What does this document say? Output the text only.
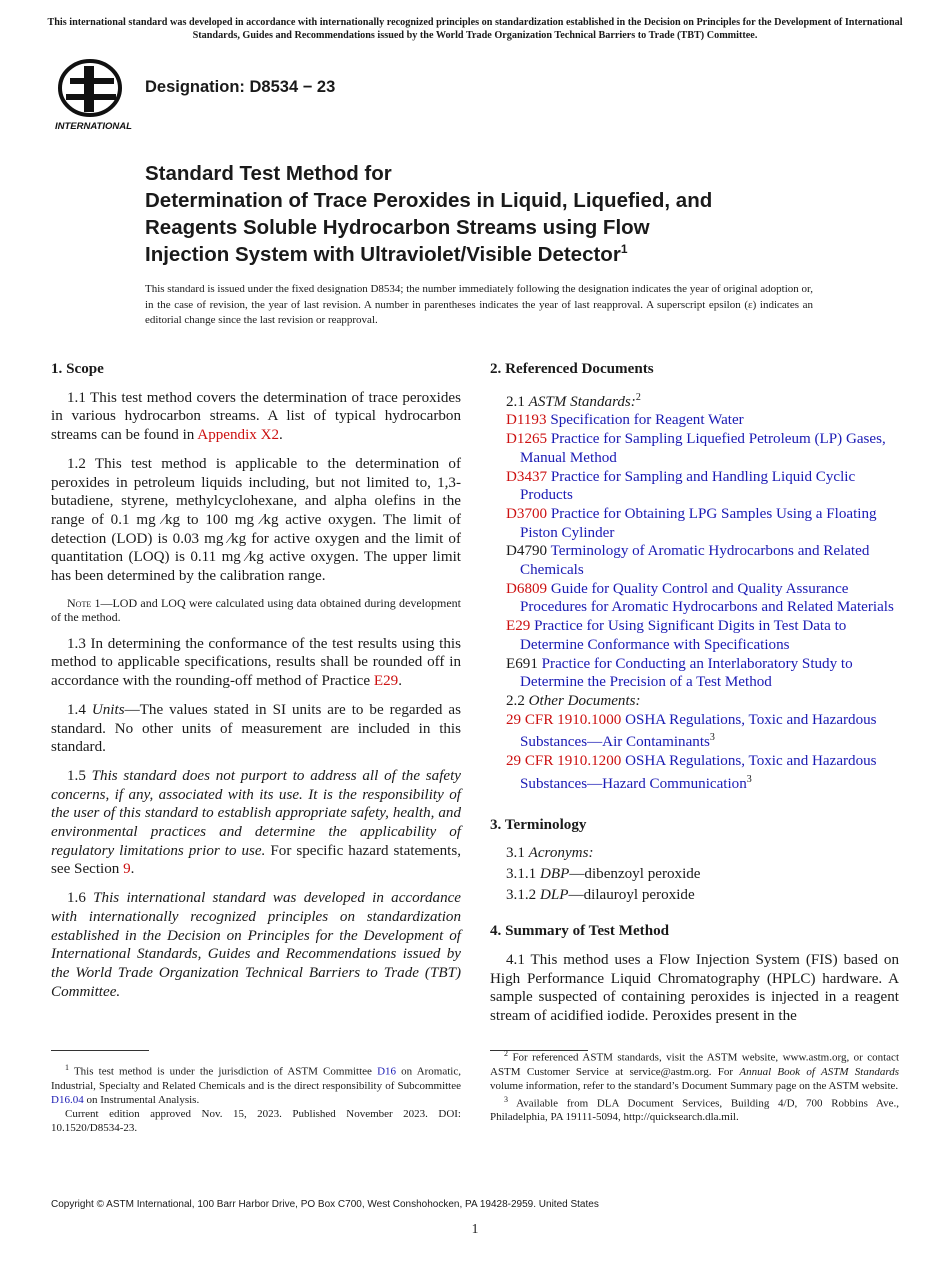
This international standard was developed in accordance with internationally recognized principles on standardization established in the Decision on Principles for the Development of International Standards, Guides and Recommendations issued by the World Trade Organization Technical Barriers to Trade (TBT) Committee.
INTERNATIONAL
Designation: D8534 − 23
Standard Test Method for
Determination of Trace Peroxides in Liquid, Liquefied, and
Reagents Soluble Hydrocarbon Streams using Flow
Injection System with Ultraviolet/Visible Detector$^1$
This standard is issued under the fixed designation D8534; the number immediately following the designation indicates the year of original adoption or, in the case of revision, the year of last revision. A number in parentheses indicates the year of last reapproval. A superscript epsilon (ε) indicates an editorial change since the last revision or reapproval.
1. Scope

1.1 This test method covers the determination of trace peroxides in various hydrocarbon streams. A list of typical hydrocarbon streams can be found in Appendix X2.

1.2 This test method is applicable to the determination of peroxides in petroleum liquids including, but not limited to, 1,3-butadiene, styrene, methylcyclohexane, and alpha olefins in the range of 0.1 mg ⁄kg to 100 mg ⁄kg active oxygen. The limit of detection (LOD) is 0.03 mg ⁄kg for active oxygen and the limit of quantitation (LOQ) is 0.11 mg ⁄kg active oxygen. The upper limit has been determined by the calibration range.

Note 1—LOD and LOQ were calculated using data obtained during development of the method.

1.3 In determining the conformance of the test results using this method to applicable specifications, results shall be rounded off in accordance with the rounding-off method of Practice E29.

1.4 Units—The values stated in SI units are to be regarded as standard. No other units of measurement are included in this standard.

1.5 This standard does not purport to address all of the safety concerns, if any, associated with its use. It is the responsibility of the user of this standard to establish appropriate safety, health, and environmental practices and determine the applicability of regulatory limitations prior to use. For specific hazard statements, see Section 9.

1.6 This international standard was developed in accordance with internationally recognized principles on standardization established in the Decision on Principles for the Development of International Standards, Guides and Recommendations issued by the World Trade Organization Technical Barriers to Trade (TBT) Committee.

2. Referenced Documents
2.1 ASTM Standards:$^2$
D1193 Specification for Reagent Water
D1265 Practice for Sampling Liquefied Petroleum (LP) Gases, Manual Method
D3437 Practice for Sampling and Handling Liquid Cyclic Products
D3700 Practice for Obtaining LPG Samples Using a Floating Piston Cylinder
D4790 Terminology of Aromatic Hydrocarbons and Related Chemicals
D6809 Guide for Quality Control and Quality Assurance Procedures for Aromatic Hydrocarbons and Related Materials
E29 Practice for Using Significant Digits in Test Data to Determine Conformance with Specifications
E691 Practice for Conducting an Interlaboratory Study to Determine the Precision of a Test Method
2.2 Other Documents:
29 CFR 1910.1000 OSHA Regulations, Toxic and Hazardous Substances—Air Contaminants$^3$
29 CFR 1910.1200 OSHA Regulations, Toxic and Hazardous Substances—Hazard Communication$^3$
3. Terminology
3.1 Acronyms:
3.1.1 DBP—dibenzoyl peroxide
3.1.2 DLP—dilauroyl peroxide
4. Summary of Test Method

4.1 This method uses a Flow Injection System (FIS) based on High Performance Liquid Chromatography (HPLC) hardware. A sample suspected of containing peroxides is injected in a reagent stream of acidified iodide. Peroxides present in the

$^1$ This test method is under the jurisdiction of ASTM Committee D16 on Aromatic, Industrial, Specialty and Related Chemicals and is the direct responsibility of Subcommittee D16.04 on Instrumental Analysis.

Current edition approved Nov. 15, 2023. Published November 2023. DOI: 10.1520/D8534-23.

$^2$ For referenced ASTM standards, visit the ASTM website, www.astm.org, or contact ASTM Customer Service at service@astm.org. For Annual Book of ASTM Standards volume information, refer to the standard’s Document Summary page on the ASTM website.

$^3$ Available from DLA Document Services, Building 4/D, 700 Robbins Ave., Philadelphia, PA 19111-5094, http://quicksearch.dla.mil.

Copyright © ASTM International, 100 Barr Harbor Drive, PO Box C700, West Conshohocken, PA 19428-2959. United States
1
